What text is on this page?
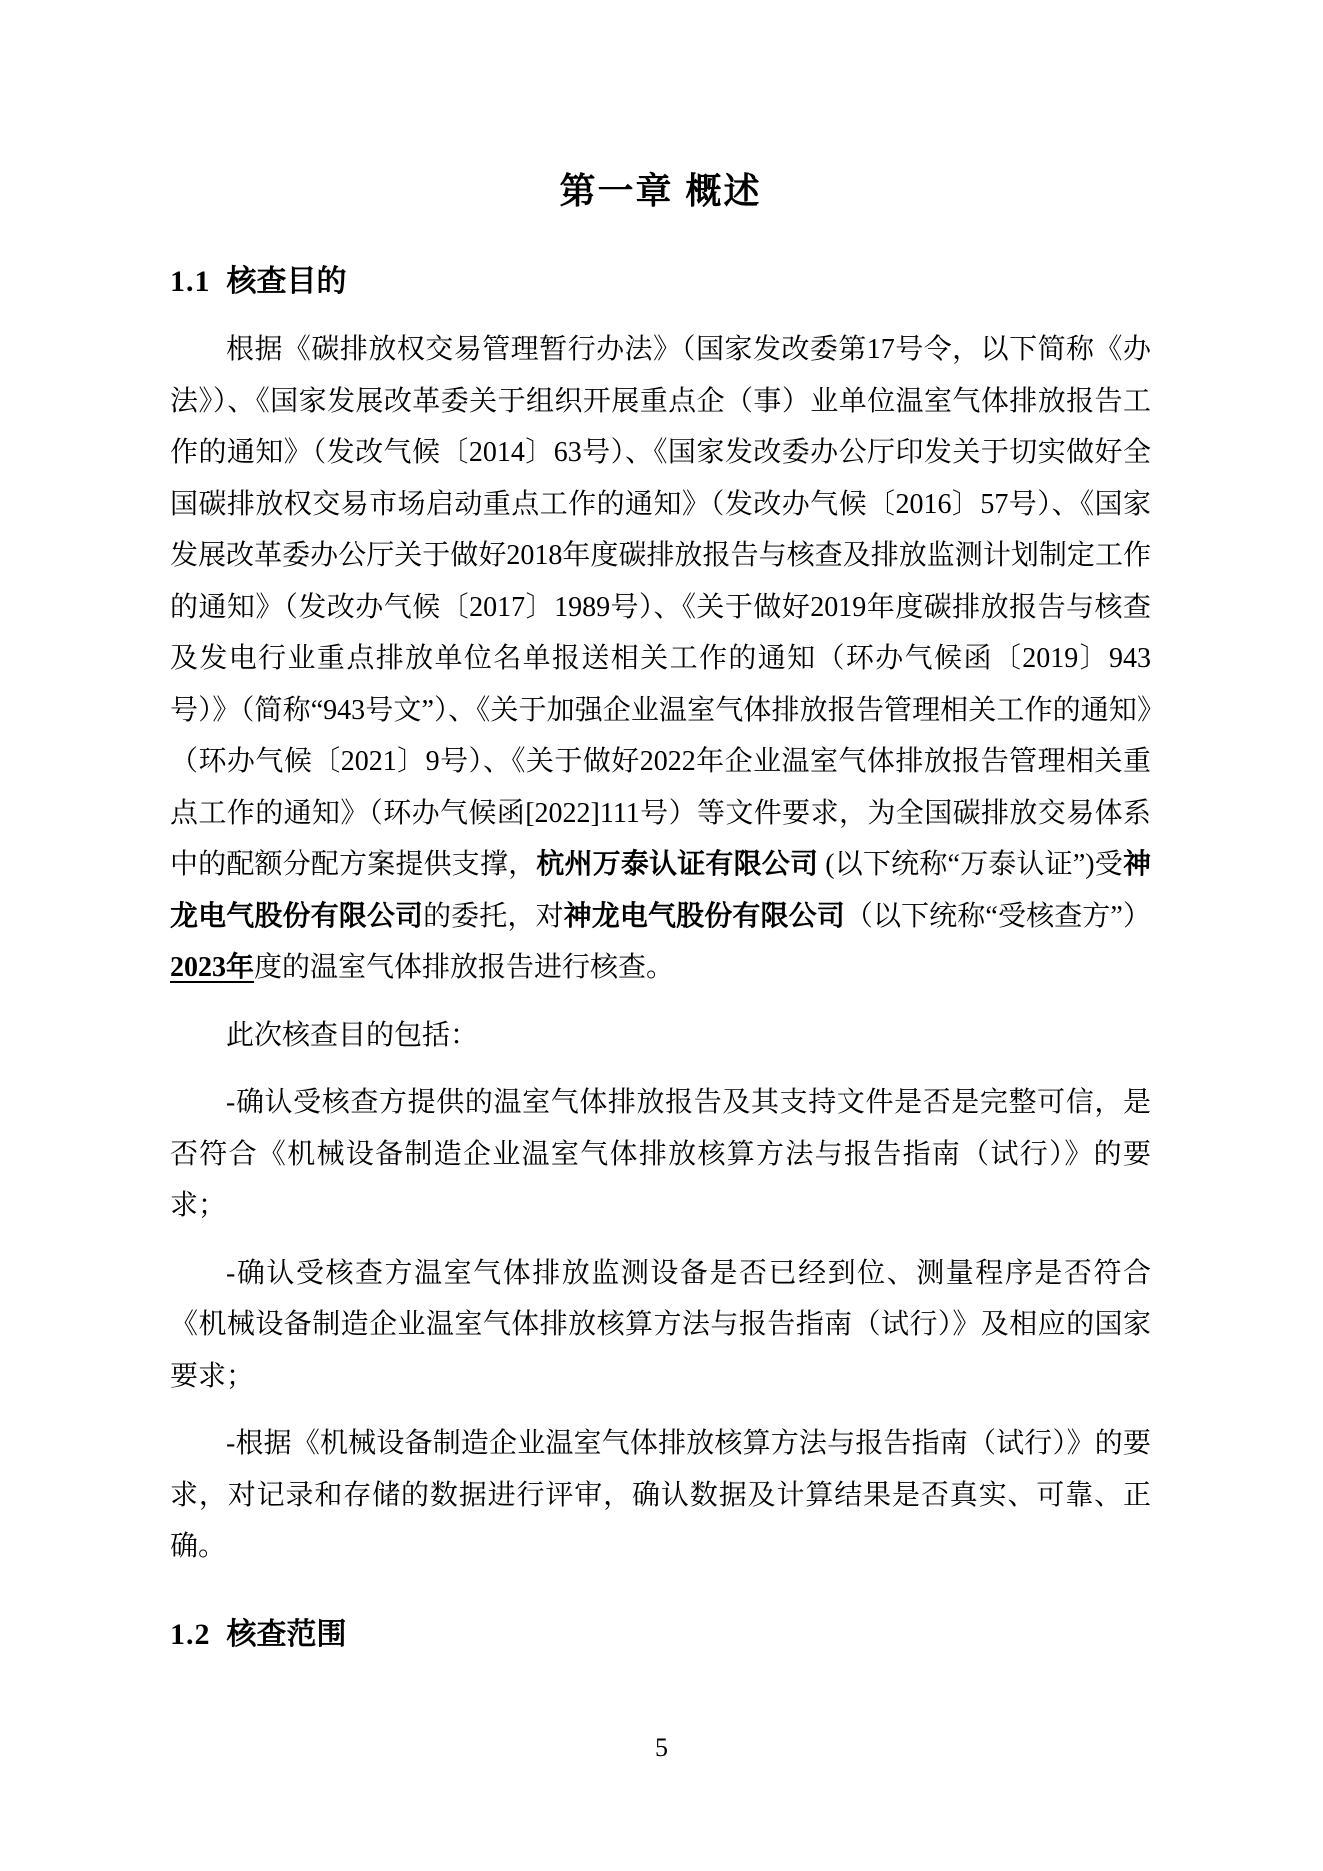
第一章 概述
1.1 核查目的

根据《碳排放权交易管理暂行办法》（国家发改委第17号令，以下简称《办法》）、《国家发展改革委关于组织开展重点企（事）业单位温室气体排放报告工作的通知》（发改气候〔2014〕63号）、《国家发改委办公厅印发关于切实做好全国碳排放权交易市场启动重点工作的通知》（发改办气候〔2016〕57号）、《国家发展改革委办公厅关于做好2018年度碳排放报告与核查及排放监测计划制定工作的通知》（发改办气候〔2017〕1989号）、《关于做好2019年度碳排放报告与核查及发电行业重点排放单位名单报送相关工作的通知（环办气候函〔2019〕943号）》（简称“943号文”）、《关于加强企业温室气体排放报告管理相关工作的通知》（环办气候〔2021〕9号）、《关于做好2022年企业温室气体排放报告管理相关重点工作的通知》（环办气候函[2022]111号）等文件要求，为全国碳排放交易体系中的配额分配方案提供支撑，杭州万泰认证有限公司 (以下统称“万泰认证”)受神龙电气股份有限公司的委托，对神龙电气股份有限公司（以下统称“受核查方”）2023年度的温室气体排放报告进行核查。

此次核查目的包括：

-确认受核查方提供的温室气体排放报告及其支持文件是否是完整可信，是否符合《机械设备制造企业温室气体排放核算方法与报告指南（试行）》的要求；

-确认受核查方温室气体排放监测设备是否已经到位、测量程序是否符合《机械设备制造企业温室气体排放核算方法与报告指南（试行）》及相应的国家要求；

-根据《机械设备制造企业温室气体排放核算方法与报告指南（试行）》的要求，对记录和存储的数据进行评审，确认数据及计算结果是否真实、可靠、正确。

1.2 核查范围
5
